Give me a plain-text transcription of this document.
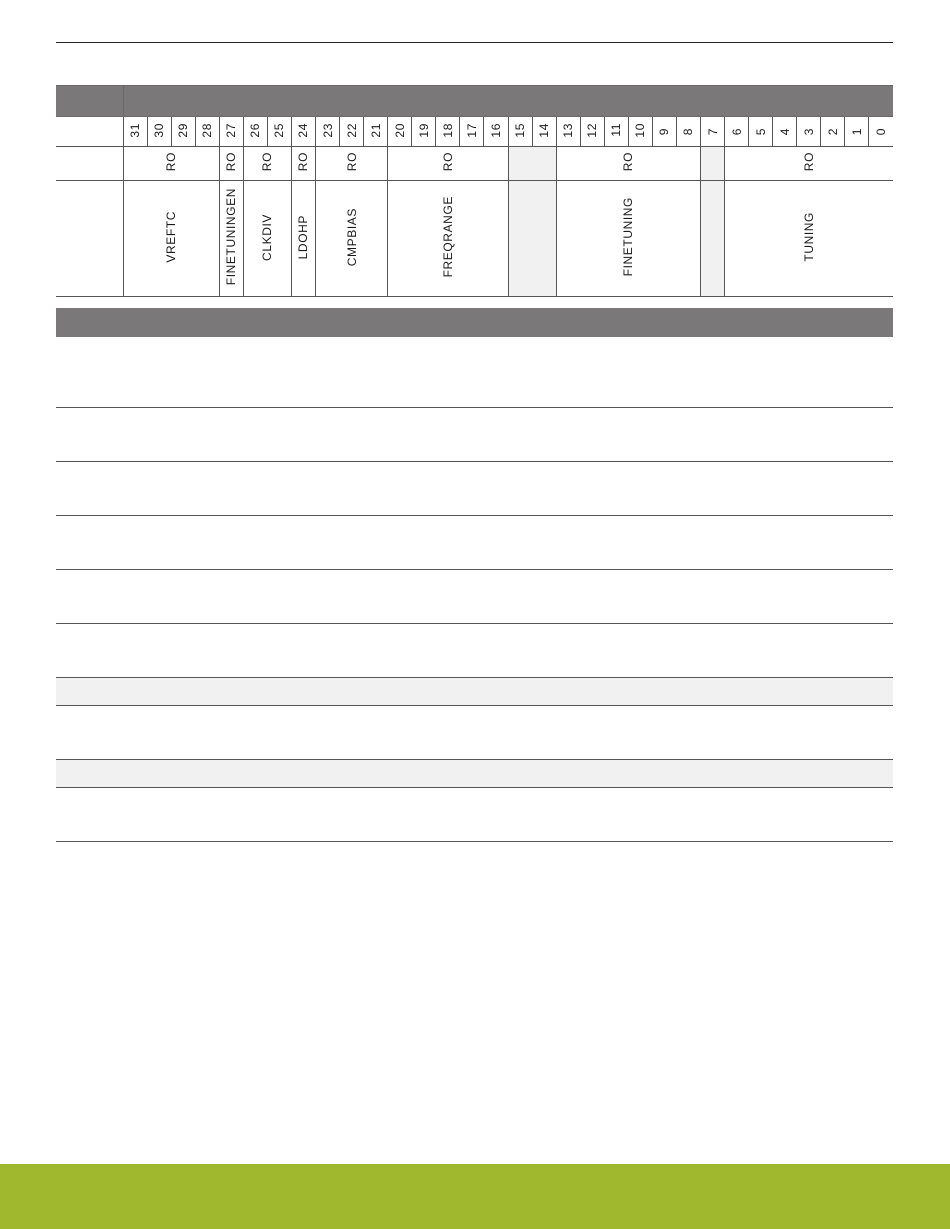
	31	30	29	28	27	26	25	24	23	22	21	20	19	18	17	16	15	14	13	12	11	10	9	8	7	6	5	4	3	2	1	0
	RO				RO	RO		RO	RO			RO							RO							RO						
	VREFTC				FINETUNINGEN	CLKDIV		LDOHP	CMPBIAS			FREQRANGE							FINETUNING							TUNING						
